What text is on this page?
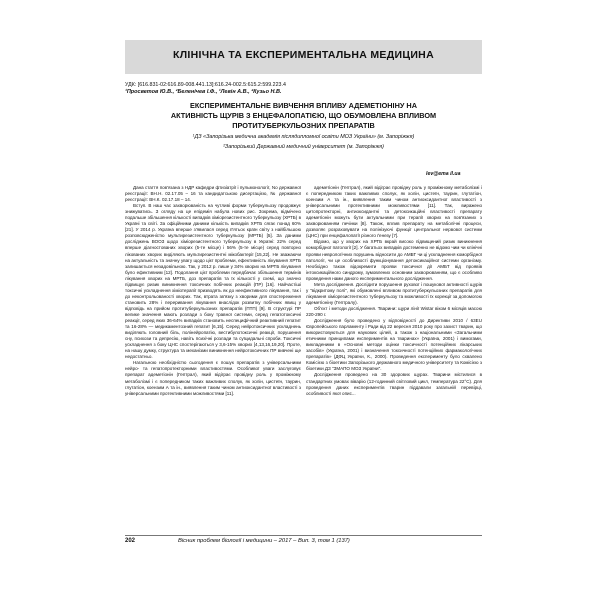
КЛІНІЧНА ТА ЕКСПЕРИМЕНТАЛЬНА МЕДИЦИНА
УДК: [616.831-02:616.89-008.441.13]:616.24-002.5:615.2:599.223.4
¹Просветов Ю.В., ²Беленічев І.Ф., ¹Левін А.В., ²Кузьо Н.В.
ЕКСПЕРИМЕНТАЛЬНЕ ВИВЧЕННЯ ВПЛИВУ АДЕМЕТІОНІНУ НА
АКТИВНІСТЬ ЩУРІВ З ЕНЦЕФАЛОПАТІЄЮ, ЩО ОБУМОВЛЕНА ВПЛИВОМ
ПРОТИТУБЕРКУЛЬОЗНИХ ПРЕПАРАТІВ
¹ДЗ «Запорізька медична академія післядипломної освіти МОЗ України» (м. Запоріжжя)
²Запорізький Державний медичний університет (м. Запоріжжя)
lev@ema il.ua

Дана стаття пов'язана з НДР кафедри фтизіатрії і пульмонології, No державної реєстрації: ВН.Н. 02.17.05 – 16 та кандидатською дисертацією, № державної реєстрації: ВН.К. 02.17.18 – 14.

Вступ. В наш час захворюваність на чутливі форми туберкульозу продовжує знижуватись. З огляду на це епідемія набула нових рис. Зокрема, відмічено подальше збільшення кількості випадків хіміорезистентного туберкульозу (ХРТБ) в Україні та світі. За офіційними даними кількість випадків ХРТБ сягає понад 60% [21]. У 2014 р. Україна вперше з'явилася серед п'ятьох країн світу з найбільшою розповсюдженістю мультирезистентного туберкульозу (МРТБ) [5]. За даними досліджень ВООЗ щодо хіміорезистентного туберкульозу в Україні: 22% серед вперше діагностованих хворих (5-те місце) і 56% (5-те місце) серед повторно лікованих хворих виділяють мультирезистентні мікобактерії [15,22]. Не зважаючи на актуальність та значну увагу щодо цієї проблеми, ефективність лікування ХРТБ залишається незадовільною. Так, у 2012 р. лише у 34% хворих на МРТБ лікування було ефективним [12]. Подолання цієї проблеми передбачає збільшення термінів лікування хворих на МРТБ, доз препаратів та їх кількості у схемі, що значно підвищує ризик виникнення токсичних побічних реакцій (ПР) [16]. Найчастіші токсичні ускладнення хіміотерапії призводять як до неефективного лікування, так і до неконтрольованості хворих. Так, втрата зв'язку з хворими для спостереження становить 28% і переривання лікування внаслідок розвитку побічних явищ у відповідь на прийом протитуберкульозних препаратів (ПТП) [9]. В структурі ПР велике значення мають розлади з боку травної системи, серед гепатотоксичні реакції, серед яких 36-64% випадків становить неспецифічний реактивний гепатит та 16-28% — медикаментозний гепатит [6,15]. Серед нейротоксичних ускладнень виділяють головний біль, полінейропатію, вестибулотоксичні реакції, порушення сну, психози та депресію, навіть психічні розлади та суїцидальні спроби. Токсичні ускладнення з боку ЦНС спостерігаються у 3,6-15% хворих [4,13,16,19,20]. Проте, на нашу думку, структура та механізми виникнення нейротоксичних ПР вивчені ще недостатньо.

Нагальною необхідністю сьогодення є пошук препаратів з універсальними нейро- та гепатопротекторними властивостями. Особливої уваги заслуговує препарат адеметіонін (Гептрал), який відіграє провідну роль у проміжному метаболізмі і є попередником таких важливих сполук, як холін, цистеїн, таурин, глутатіон, коензим А та ін., виявлення таким чином антиоксидантної властивості з універсальними протективними можливостями [11].

адеметіонін (Гептрал), який відіграє провідну роль у проміжному метаболізмі і є попередником таких важливих сполук, як холін, цистеїн, таурин, глутатіон, коензим А та ін., виявлення таким чином антиоксидантної властивості з універсальними протективними можливостями [11]. Так, виражено цитопротекторні, антиоксидантні та детоксикаційні властивості препарату адеметіонін можуть бути актуальними при терапії хворих на пов'язаних з захворюванням печінки [8]. Також, вплив препарату на метаболічні процеси, дозволяє розраховувати на полінізуючі функції центральної нервової системи (ЦНС) при енцефалопатії різного ґенезу [7].

Відомо, що у хворих на ХРТБ вкрай високо підвищений ризик виникнення коморбідної патології [2]. У багатьох випадків достеменно не відомо чим чи клінічні прояви неврологічних порушень відносити до АМБТ чи ці ускладнення коморбідної патології, чи це особливості функціонування детоксикаційної системи організму. Необхідно також відокремити прояви токсичної дії АМБТ від проявів інтоксикаційного синдрому, зумовлених основним захворюванням, що є особливо проведення нами даного експериментального дослідження.

Мета дослідження. Дослідити порушення рухової і пошукової активності щурів у "відкритому полі", які обумовлені впливом протитуберкульозних препаратів для лікування хіміорезистентного туберкульозу та можливості їх корекції за допомогою адеметіоніну (Гептралу).

Об'єкт і методи дослідження. Тварини: щури лінії Wistar віком 6 місяців масою 220-290 г.

Дослідження було проведено у відповідності до Директиви 2010 / 63EU Європейського парламенту і Ради від 22 вересня 2010 року про захист тварин, що використовуються для наукових цілей, а також з національними «Загальними етичними принципами експериментів на тваринах» (Україна, 2001) і вимогами, викладеними в «Основні методи оцінки токсичності потенційних лікарських засобів» (Україна, 2001) і визначення токсичності потенційних фармакологічних препаратів» (ДФЦ України, К., 2000). Проведення експерименту було схвалено Комісією з біоетики Запорізького державного медичного університету та Комісією з біоетики ДЗ "ЗМАПО МОЗ України".

Дослідження проведено на 30 здорових щурах. Тварини містилися в стандартних умовах віварію (12-годинний світловий цикл, температура 22°C). Для проведення даних експериментів тварин піддавали загальній перевірці, особливості якої опис...

202	Вісник проблем біології і медицини – 2017 – Вип. 3, том 1 (137)
